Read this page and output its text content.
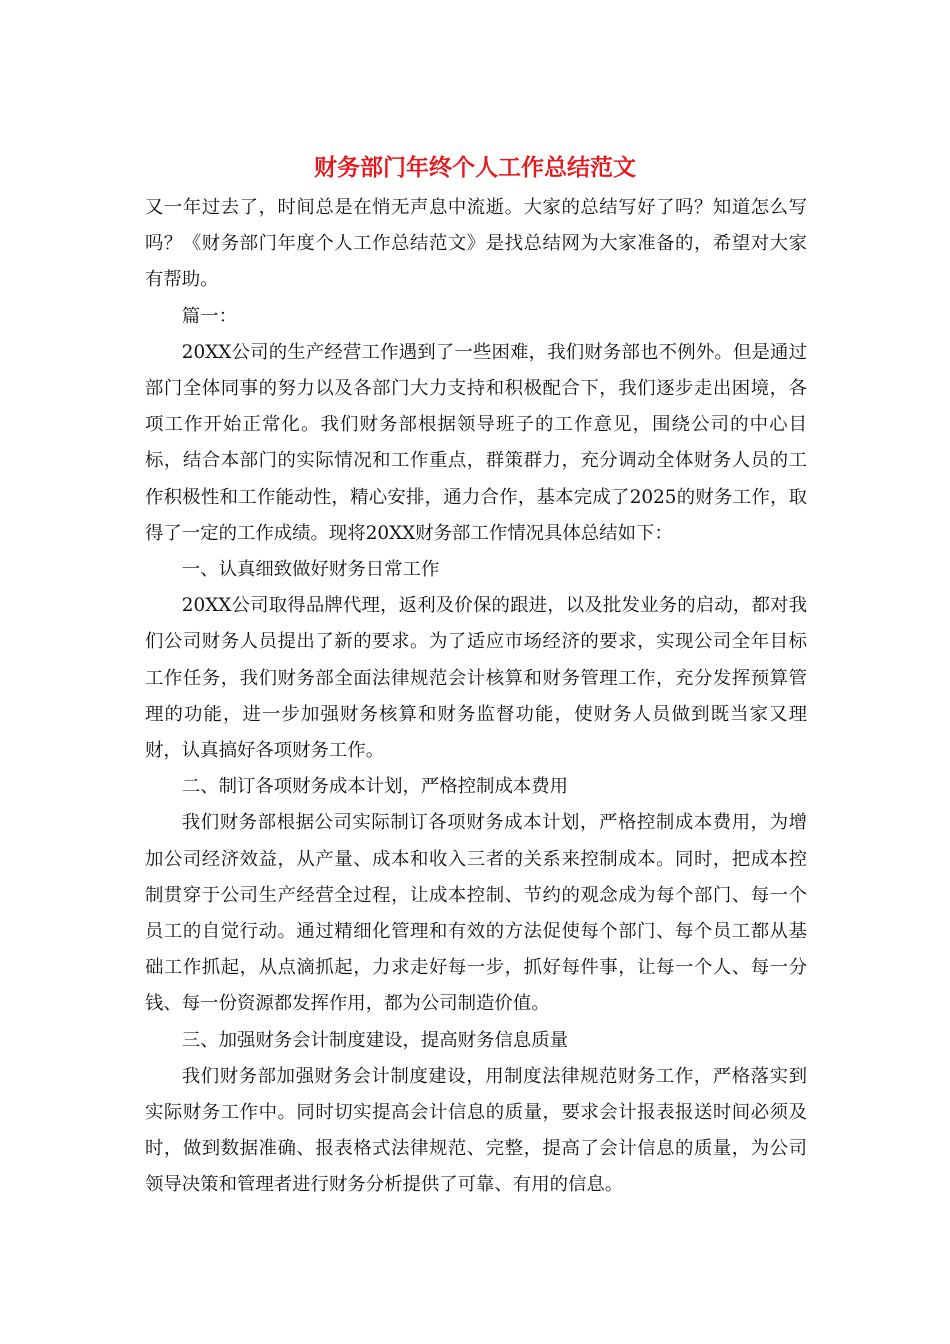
财务部门年终个人工作总结范文

又一年过去了，时间总是在悄无声息中流逝。大家的总结写好了吗？知道怎么写吗？《财务部门年度个人工作总结范文》是找总结网为大家准备的，希望对大家有帮助。

篇一：

20XX公司的生产经营工作遇到了一些困难，我们财务部也不例外。但是通过部门全体同事的努力以及各部门大力支持和积极配合下，我们逐步走出困境，各项工作开始正常化。我们财务部根据领导班子的工作意见，围绕公司的中心目标，结合本部门的实际情况和工作重点，群策群力，充分调动全体财务人员的工作积极性和工作能动性，精心安排，通力合作，基本完成了2025的财务工作，取得了一定的工作成绩。现将20XX财务部工作情况具体总结如下：

一、认真细致做好财务日常工作

20XX公司取得品牌代理，返利及价保的跟进，以及批发业务的启动，都对我们公司财务人员提出了新的要求。为了适应市场经济的要求，实现公司全年目标工作任务，我们财务部全面法律规范会计核算和财务管理工作，充分发挥预算管理的功能，进一步加强财务核算和财务监督功能，使财务人员做到既当家又理财，认真搞好各项财务工作。

二、制订各项财务成本计划，严格控制成本费用

我们财务部根据公司实际制订各项财务成本计划，严格控制成本费用，为增加公司经济效益，从产量、成本和收入三者的关系来控制成本。同时，把成本控制贯穿于公司生产经营全过程，让成本控制、节约的观念成为每个部门、每一个员工的自觉行动。通过精细化管理和有效的方法促使每个部门、每个员工都从基础工作抓起，从点滴抓起，力求走好每一步，抓好每件事，让每一个人、每一分钱、每一份资源都发挥作用，都为公司制造价值。

三、加强财务会计制度建设，提高财务信息质量

我们财务部加强财务会计制度建设，用制度法律规范财务工作，严格落实到实际财务工作中。同时切实提高会计信息的质量，要求会计报表报送时间必须及时，做到数据准确、报表格式法律规范、完整，提高了会计信息的质量，为公司领导决策和管理者进行财务分析提供了可靠、有用的信息。
